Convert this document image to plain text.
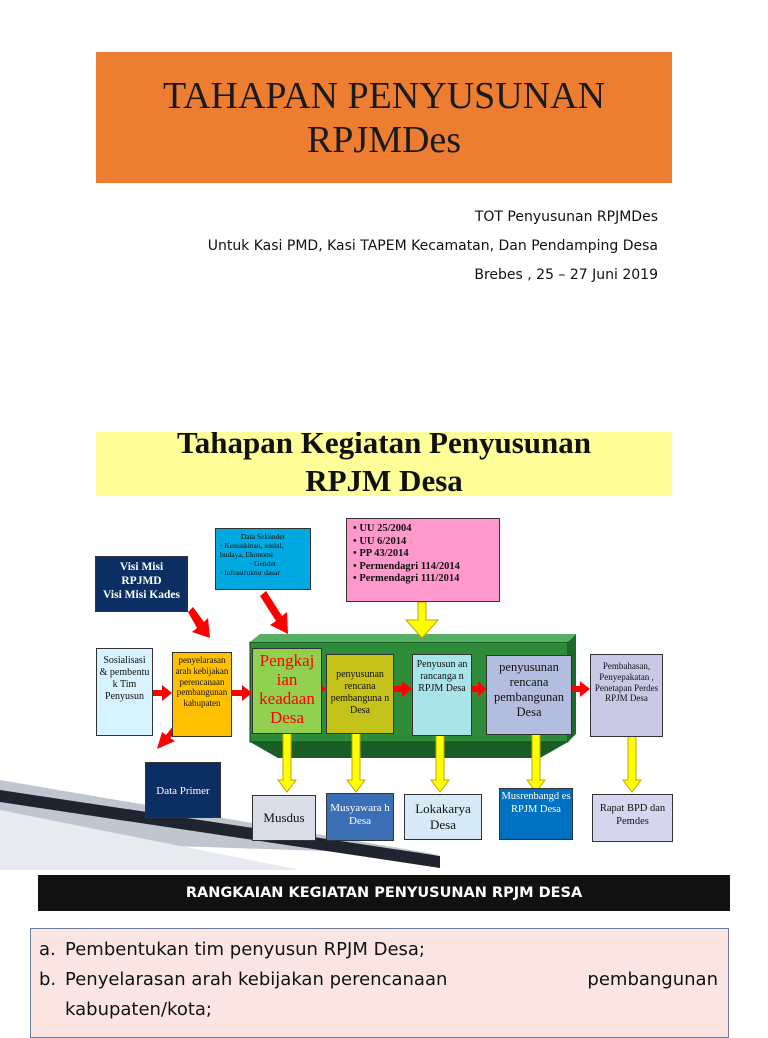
TAHAPAN PENYUSUNAN
RPJMDes
TOT Penyusunan RPJMDes
Untuk Kasi PMD, Kasi TAPEM Kecamatan, Dan Pendamping Desa
Brebes , 25 – 27 Juni 2019
Tahapan Kegiatan Penyusunan
RPJM Desa
Visi Misi
RPJMD
Visi Misi Kades
Data Sekunder
· Kemiskinan, sosial, budaya, Ekonomi
· Gender
· Infrastruktur dasar
• UU 25/2004
• UU 6/2014
• PP 43/2014
• Permendagri 114/2014
• Permendagri 111/2014
Sosialisasi & pembentu k Tim Penyusun
penyelarasan arah kebijakan perencanaan pembangunan kabupaten
Pengkaj ian keadaan Desa
penyusunan rencana pembanguna n Desa
Penyusun an rancanga n RPJM Desa
penyusunan rencana pembangunan Desa
Pembahasan, Penyepakatan , Penetapan Perdes RPJM Desa
Data Primer
Musdus
Musyawara h Desa
Lokakarya Desa
Musrenbangd es RPJM Desa	Rapat BPD dan Pemdes
RANGKAIAN KEGIATAN PENYUSUNAN RPJM DESA
a. Pembentukan tim penyusun RPJM Desa;
b. Penyelarasan arah kebijakan perencanaan	pembangunan
kabupaten/kota;
